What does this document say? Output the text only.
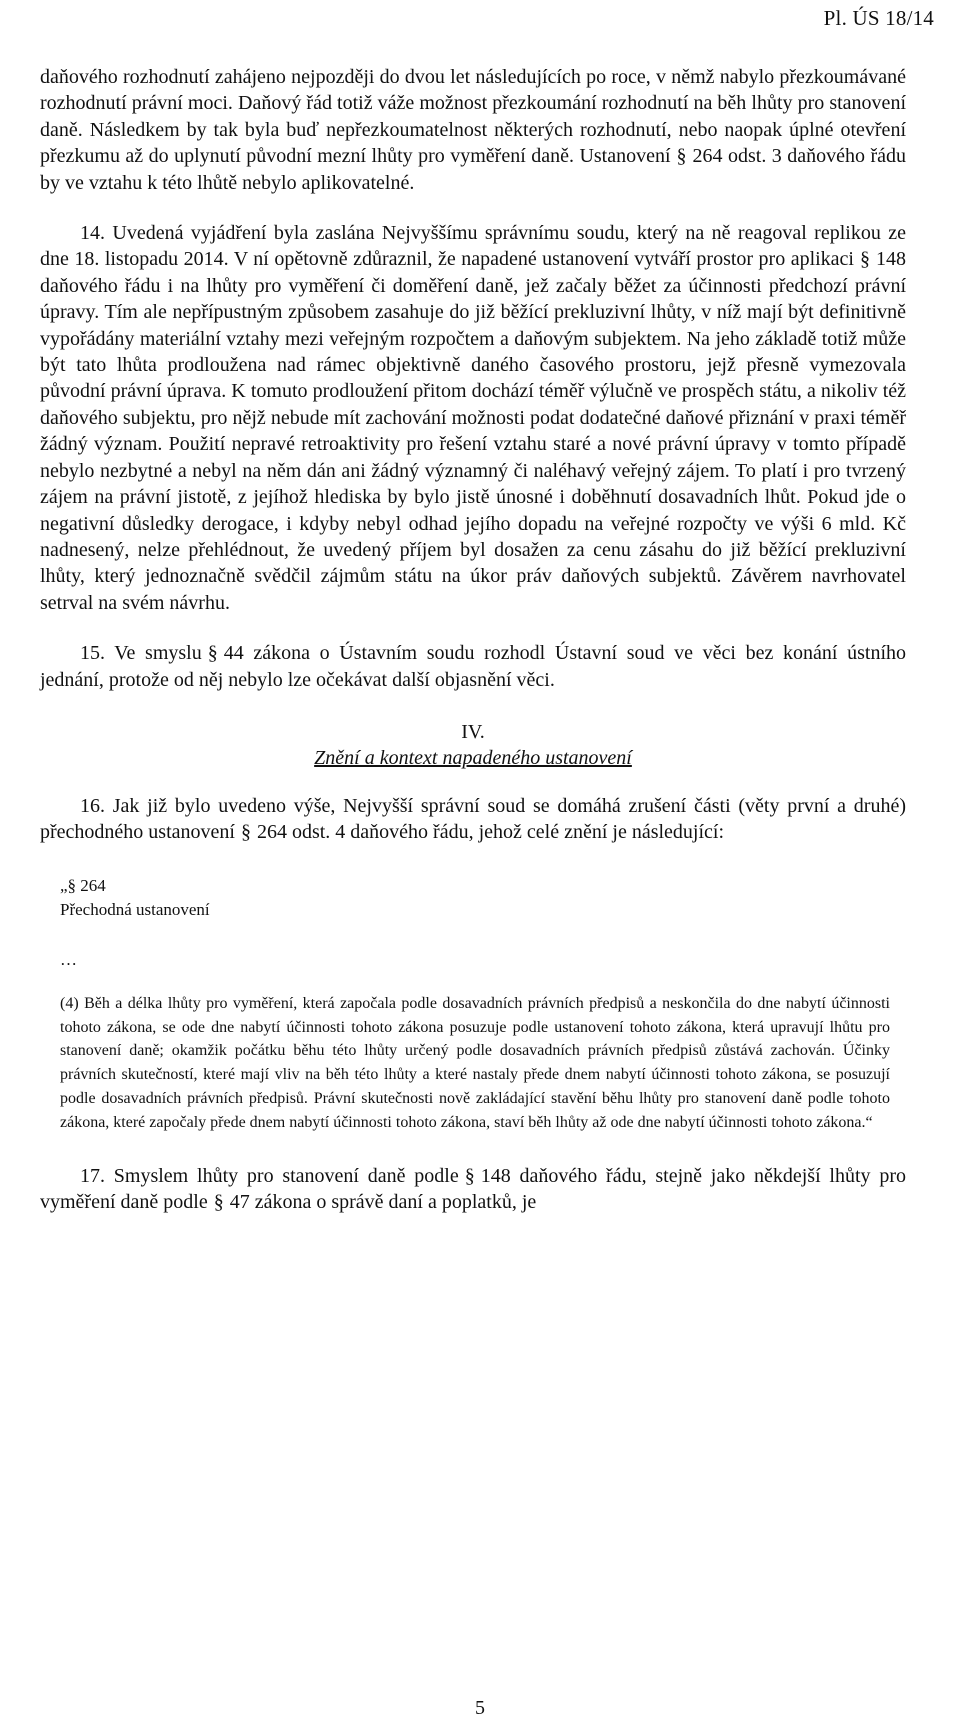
Pl. ÚS 18/14

daňového rozhodnutí zahájeno nejpozději do dvou let následujících po roce, v němž nabylo přezkoumávané rozhodnutí právní moci. Daňový řád totiž váže možnost přezkoumání rozhodnutí na běh lhůty pro stanovení daně. Následkem by tak byla buď nepřezkoumatelnost některých rozhodnutí, nebo naopak úplné otevření přezkumu až do uplynutí původní mezní lhůty pro vyměření daně. Ustanovení § 264 odst. 3 daňového řádu by ve vztahu k této lhůtě nebylo aplikovatelné.

14. Uvedená vyjádření byla zaslána Nejvyššímu správnímu soudu, který na ně reagoval replikou ze dne 18. listopadu 2014. V ní opětovně zdůraznil, že napadené ustanovení vytváří prostor pro aplikaci § 148 daňového řádu i na lhůty pro vyměření či doměření daně, jež začaly běžet za účinnosti předchozí právní úpravy. Tím ale nepřípustným způsobem zasahuje do již běžící prekluzivní lhůty, v níž mají být definitivně vypořádány materiální vztahy mezi veřejným rozpočtem a daňovým subjektem. Na jeho základě totiž může být tato lhůta prodloužena nad rámec objektivně daného časového prostoru, jejž přesně vymezovala původní právní úprava. K tomuto prodloužení přitom dochází téměř výlučně ve prospěch státu, a nikoliv též daňového subjektu, pro nějž nebude mít zachování možnosti podat dodatečné daňové přiznání v praxi téměř žádný význam. Použití nepravé retroaktivity pro řešení vztahu staré a nové právní úpravy v tomto případě nebylo nezbytné a nebyl na něm dán ani žádný významný či naléhavý veřejný zájem. To platí i pro tvrzený zájem na právní jistotě, z jejíhož hlediska by bylo jistě únosné i doběhnutí dosavadních lhůt. Pokud jde o negativní důsledky derogace, i kdyby nebyl odhad jejího dopadu na veřejné rozpočty ve výši 6 mld. Kč nadnesený, nelze přehlédnout, že uvedený příjem byl dosažen za cenu zásahu do již běžící prekluzivní lhůty, který jednoznačně svědčil zájmům státu na úkor práv daňových subjektů. Závěrem navrhovatel setrval na svém návrhu.

15. Ve smyslu § 44 zákona o Ústavním soudu rozhodl Ústavní soud ve věci bez konání ústního jednání, protože od něj nebylo lze očekávat další objasnění věci.

IV.

Znění a kontext napadeného ustanovení

16. Jak již bylo uvedeno výše, Nejvyšší správní soud se domáhá zrušení části (věty první a druhé) přechodného ustanovení § 264 odst. 4 daňového řádu, jehož celé znění je následující:

„§ 264

Přechodná ustanovení

…

(4) Běh a délka lhůty pro vyměření, která započala podle dosavadních právních předpisů a neskončila do dne nabytí účinnosti tohoto zákona, se ode dne nabytí účinnosti tohoto zákona posuzuje podle ustanovení tohoto zákona, která upravují lhůtu pro stanovení daně; okamžik počátku běhu této lhůty určený podle dosavadních právních předpisů zůstává zachován. Účinky právních skutečností, které mají vliv na běh této lhůty a které nastaly přede dnem nabytí účinnosti tohoto zákona, se posuzují podle dosavadních právních předpisů. Právní skutečnosti nově zakládající stavění běhu lhůty pro stanovení daně podle tohoto zákona, které započaly přede dnem nabytí účinnosti tohoto zákona, staví běh lhůty až ode dne nabytí účinnosti tohoto zákona.“

17. Smyslem lhůty pro stanovení daně podle § 148 daňového řádu, stejně jako někdejší lhůty pro vyměření daně podle § 47 zákona o správě daní a poplatků, je

5
